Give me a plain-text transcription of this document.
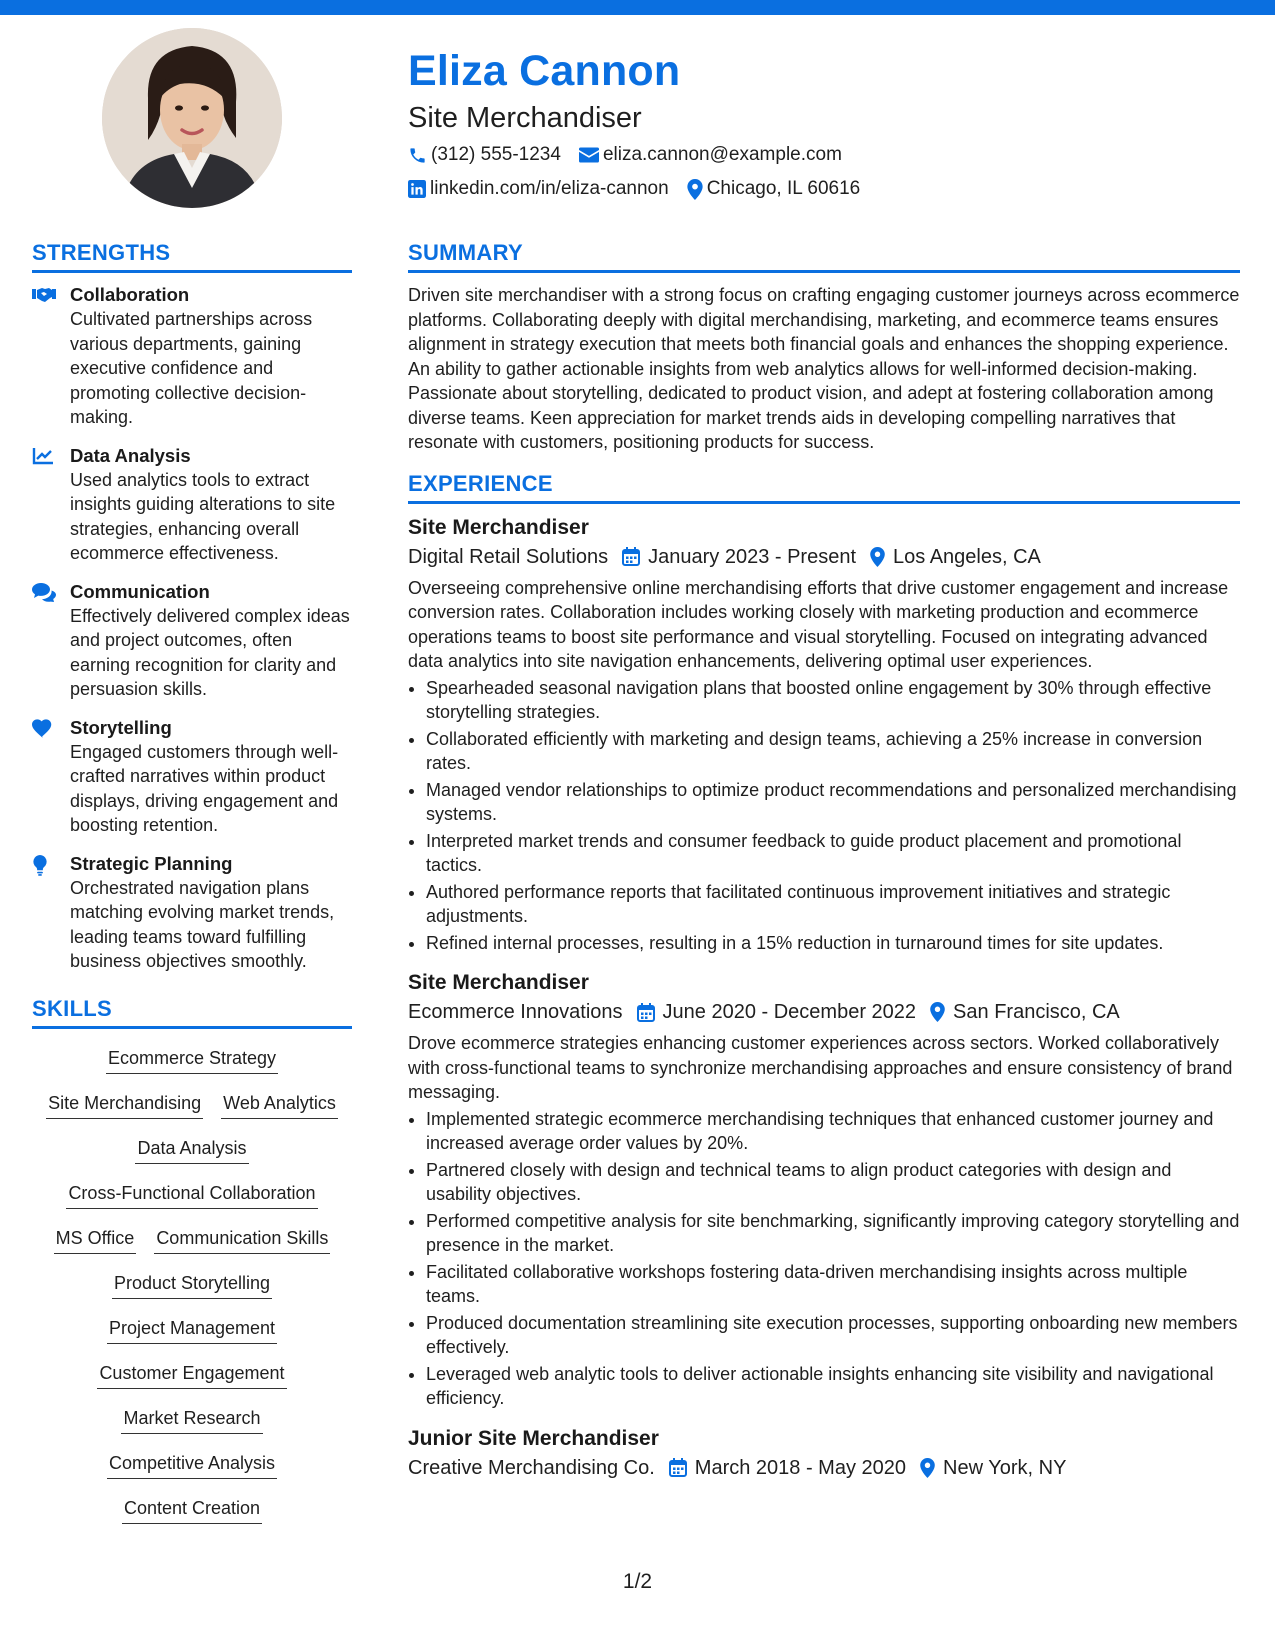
Eliza Cannon
Site Merchandiser
(312) 555-1234 eliza.cannon@example.com
linkedin.com/in/eliza-cannon Chicago, IL 60616
STRENGTHS
Collaboration
Cultivated partnerships across various departments, gaining executive confidence and promoting collective decision-making.
Data Analysis
Used analytics tools to extract insights guiding alterations to site strategies, enhancing overall ecommerce effectiveness.
Communication
Effectively delivered complex ideas and project outcomes, often earning recognition for clarity and persuasion skills.
Storytelling
Engaged customers through well-crafted narratives within product displays, driving engagement and boosting retention.
Strategic Planning
Orchestrated navigation plans matching evolving market trends, leading teams toward fulfilling business objectives smoothly.
SKILLS
Ecommerce Strategy
Site Merchandising Web Analytics
Data Analysis
Cross-Functional Collaboration
MS Office Communication Skills
Product Storytelling
Project Management
Customer Engagement
Market Research
Competitive Analysis
Content Creation
SUMMARY
Driven site merchandiser with a strong focus on crafting engaging customer journeys across ecommerce platforms. Collaborating deeply with digital merchandising, marketing, and ecommerce teams ensures alignment in strategy execution that meets both financial goals and enhances the shopping experience. An ability to gather actionable insights from web analytics allows for well-informed decision-making. Passionate about storytelling, dedicated to product vision, and adept at fostering collaboration among diverse teams. Keen appreciation for market trends aids in developing compelling narratives that resonate with customers, positioning products for success.
EXPERIENCE
Site Merchandiser
Digital Retail Solutions January 2023 - Present Los Angeles, CA
Overseeing comprehensive online merchandising efforts that drive customer engagement and increase conversion rates. Collaboration includes working closely with marketing production and ecommerce operations teams to boost site performance and visual storytelling. Focused on integrating advanced data analytics into site navigation enhancements, delivering optimal user experiences.
• Spearheaded seasonal navigation plans that boosted online engagement by 30% through effective storytelling strategies.
• Collaborated efficiently with marketing and design teams, achieving a 25% increase in conversion rates.
• Managed vendor relationships to optimize product recommendations and personalized merchandising systems.
• Interpreted market trends and consumer feedback to guide product placement and promotional tactics.
• Authored performance reports that facilitated continuous improvement initiatives and strategic adjustments.
• Refined internal processes, resulting in a 15% reduction in turnaround times for site updates.
Site Merchandiser
Ecommerce Innovations June 2020 - December 2022 San Francisco, CA
Drove ecommerce strategies enhancing customer experiences across sectors. Worked collaboratively with cross-functional teams to synchronize merchandising approaches and ensure consistency of brand messaging.
• Implemented strategic ecommerce merchandising techniques that enhanced customer journey and increased average order values by 20%.
• Partnered closely with design and technical teams to align product categories with design and usability objectives.
• Performed competitive analysis for site benchmarking, significantly improving category storytelling and presence in the market.
• Facilitated collaborative workshops fostering data-driven merchandising insights across multiple teams.
• Produced documentation streamlining site execution processes, supporting onboarding new members effectively.
• Leveraged web analytic tools to deliver actionable insights enhancing site visibility and navigational efficiency.
Junior Site Merchandiser
Creative Merchandising Co. March 2018 - May 2020 New York, NY
1/2
